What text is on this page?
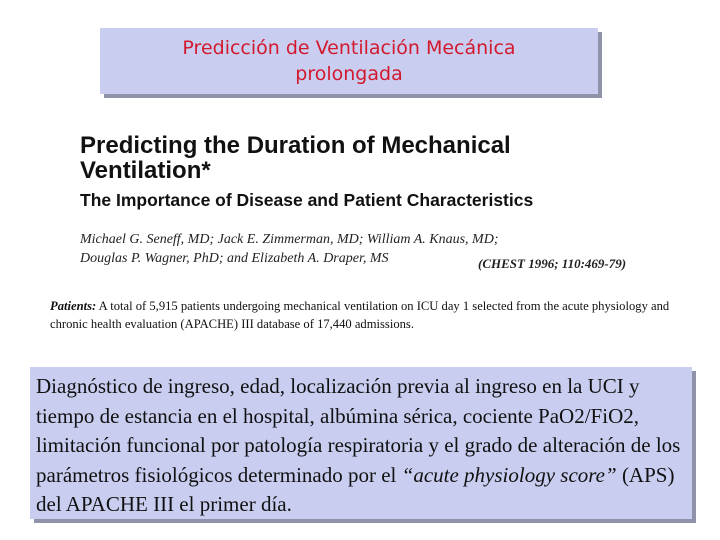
Predicción de Ventilación Mecánica
prolongada
Predicting the Duration of Mechanical
Ventilation*
The Importance of Disease and Patient Characteristics
Michael G. Seneff, MD; Jack E. Zimmerman, MD; William A. Knaus, MD;
Douglas P. Wagner, PhD; and Elizabeth A. Draper, MS	(CHEST 1996; 110:469-79)
Patients: A total of 5,915 patients undergoing mechanical ventilation on ICU day 1 selected from the acute physiology and chronic health evaluation (APACHE) III database of 17,440 admissions.
Diagnóstico de ingreso, edad, localización previa al ingreso en la UCI y tiempo de estancia en el hospital, albúmina sérica, cociente PaO2/FiO2, limitación funcional por patología respiratoria y el grado de alteración de los parámetros fisiológicos determinado por el “acute physiology score” (APS) del APACHE III el primer día.
